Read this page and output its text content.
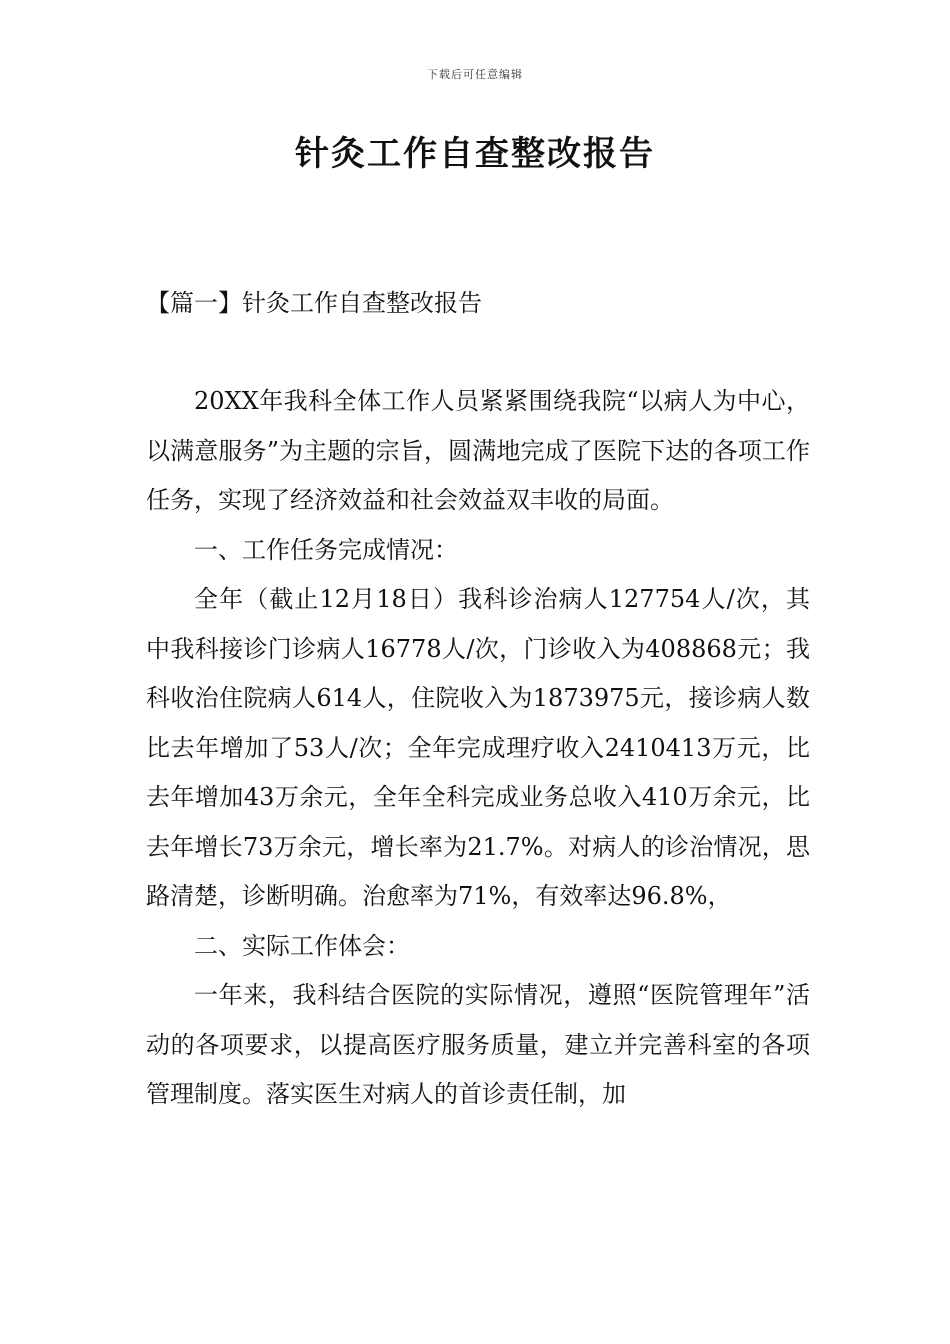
下载后可任意编辑
针灸工作自查整改报告
【篇一】针灸工作自查整改报告

20XX年我科全体工作人员紧紧围绕我院“以病人为中心，以满意服务”为主题的宗旨，圆满地完成了医院下达的各项工作任务，实现了经济效益和社会效益双丰收的局面。

一、工作任务完成情况：

全年（截止12月18日）我科诊治病人127754人/次，其中我科接诊门诊病人16778人/次，门诊收入为408868元；我科收治住院病人614人，住院收入为1873975元，接诊病人数比去年增加了53人/次；全年完成理疗收入2410413万元，比去年增加43万余元，全年全科完成业务总收入410万余元，比去年增长73万余元，增长率为21.7%。对病人的诊治情况，思路清楚，诊断明确。治愈率为71%，有效率达96.8%，

二、实际工作体会：

一年来，我科结合医院的实际情况，遵照“医院管理年”活动的各项要求，以提高医疗服务质量，建立并完善科室的各项管理制度。落实医生对病人的首诊责任制，加
